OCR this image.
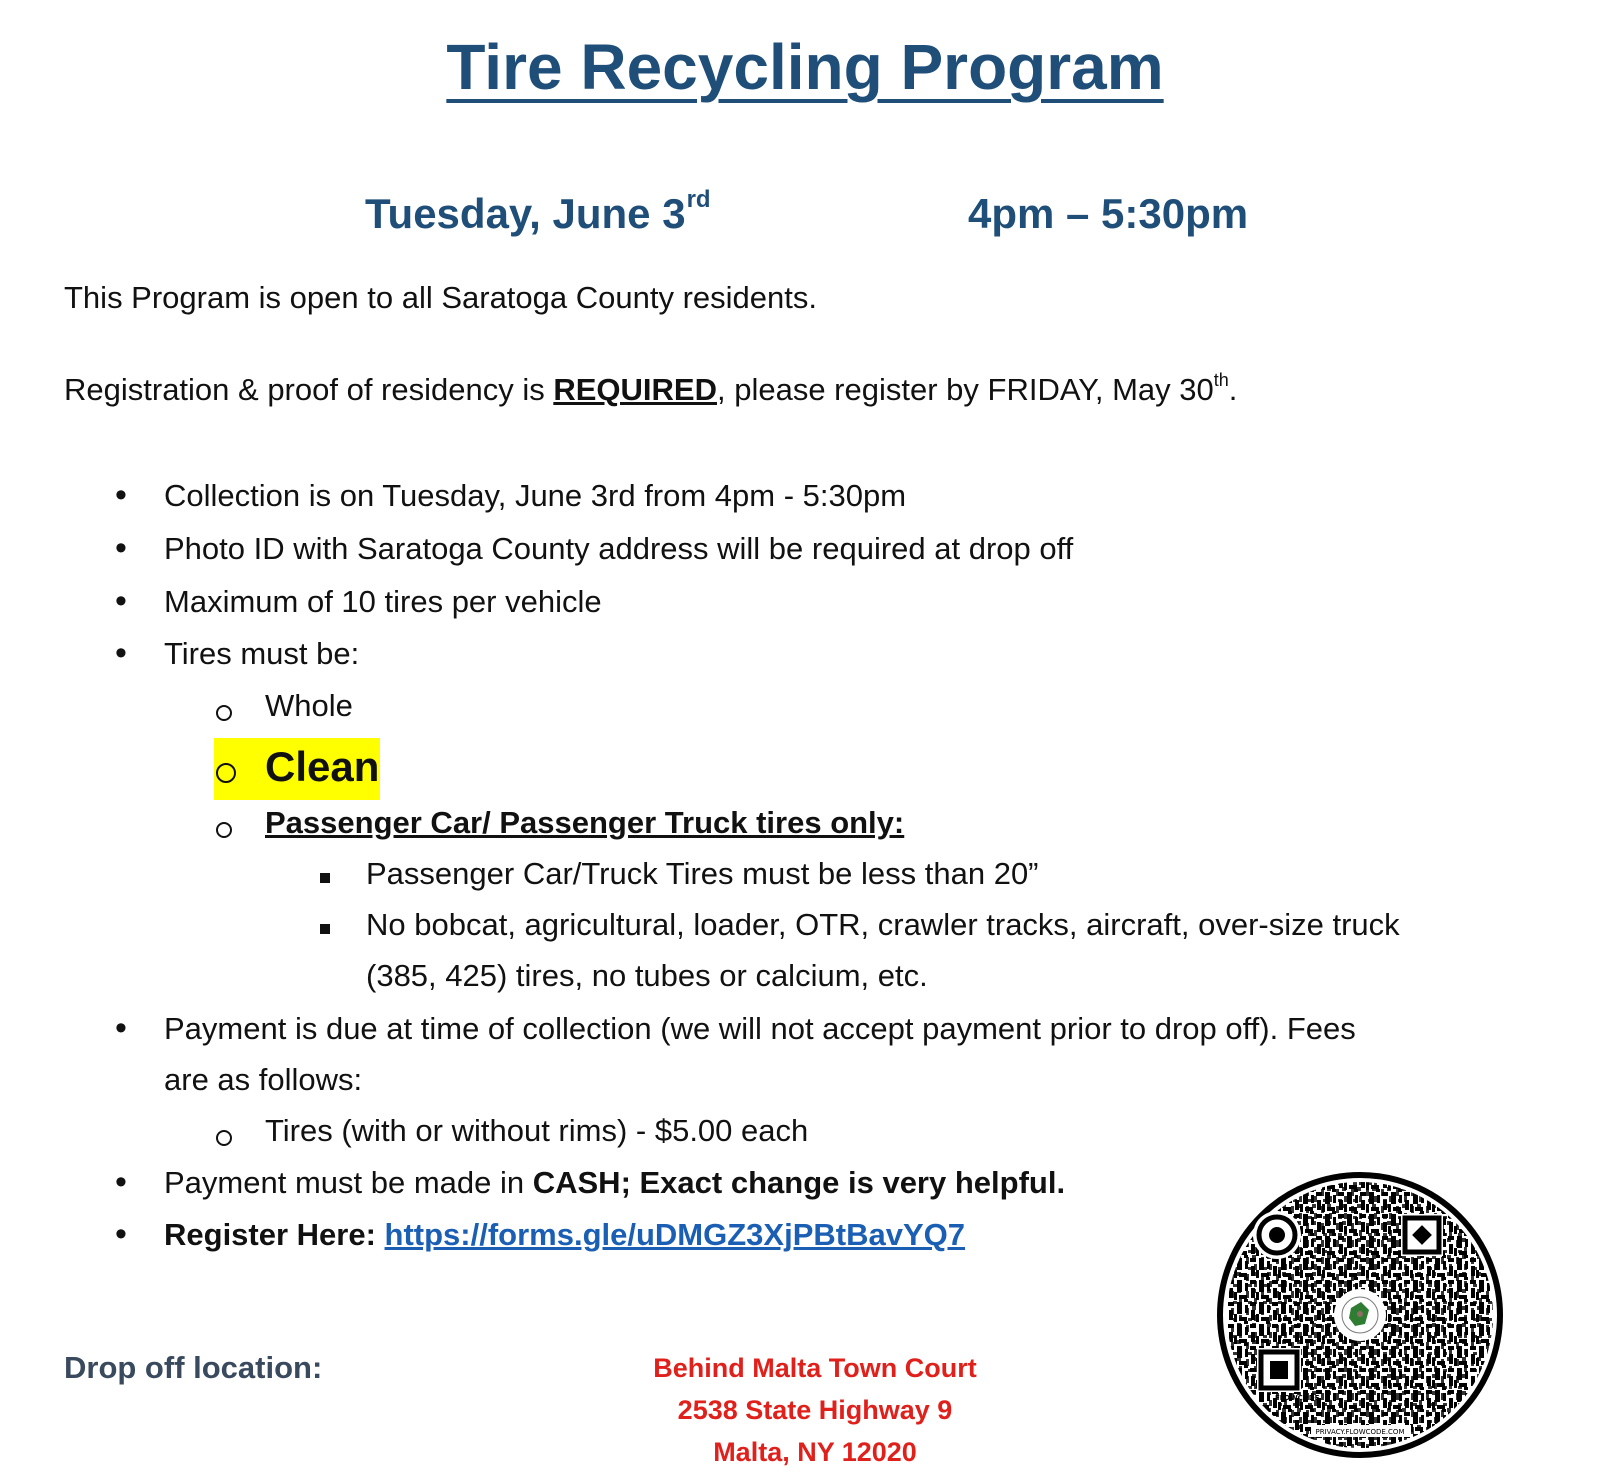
Tire Recycling Program
Tuesday, June 3rd	4pm – 5:30pm
This Program is open to all Saratoga County residents.
Registration & proof of residency is REQUIRED, please register by FRIDAY, May 30th.
• Collection is on Tuesday, June 3rd from 4pm - 5:30pm
• Photo ID with Saratoga County address will be required at drop off
• Maximum of 10 tires per vehicle
• Tires must be:
Whole
Clean
Passenger Car/ Passenger Truck tires only:
Passenger Car/Truck Tires must be less than 20”
No bobcat, agricultural, loader, OTR, crawler tracks, aircraft, over-size truck
(385, 425) tires, no tubes or calcium, etc.
• Payment is due at time of collection (we will not accept payment prior to drop off). Fees
are as follows:
Tires (with or without rims) - $5.00 each
• Payment must be made in CASH; Exact change is very helpful.
• Register Here: https://forms.gle/uDMGZ3XjPBtBavYQ7
Drop off location:	Behind Malta Town Court
2538 State Highway 9
Malta, NY 12020
FLOWCODE
PRIVACY.FLOWCODE.COM
